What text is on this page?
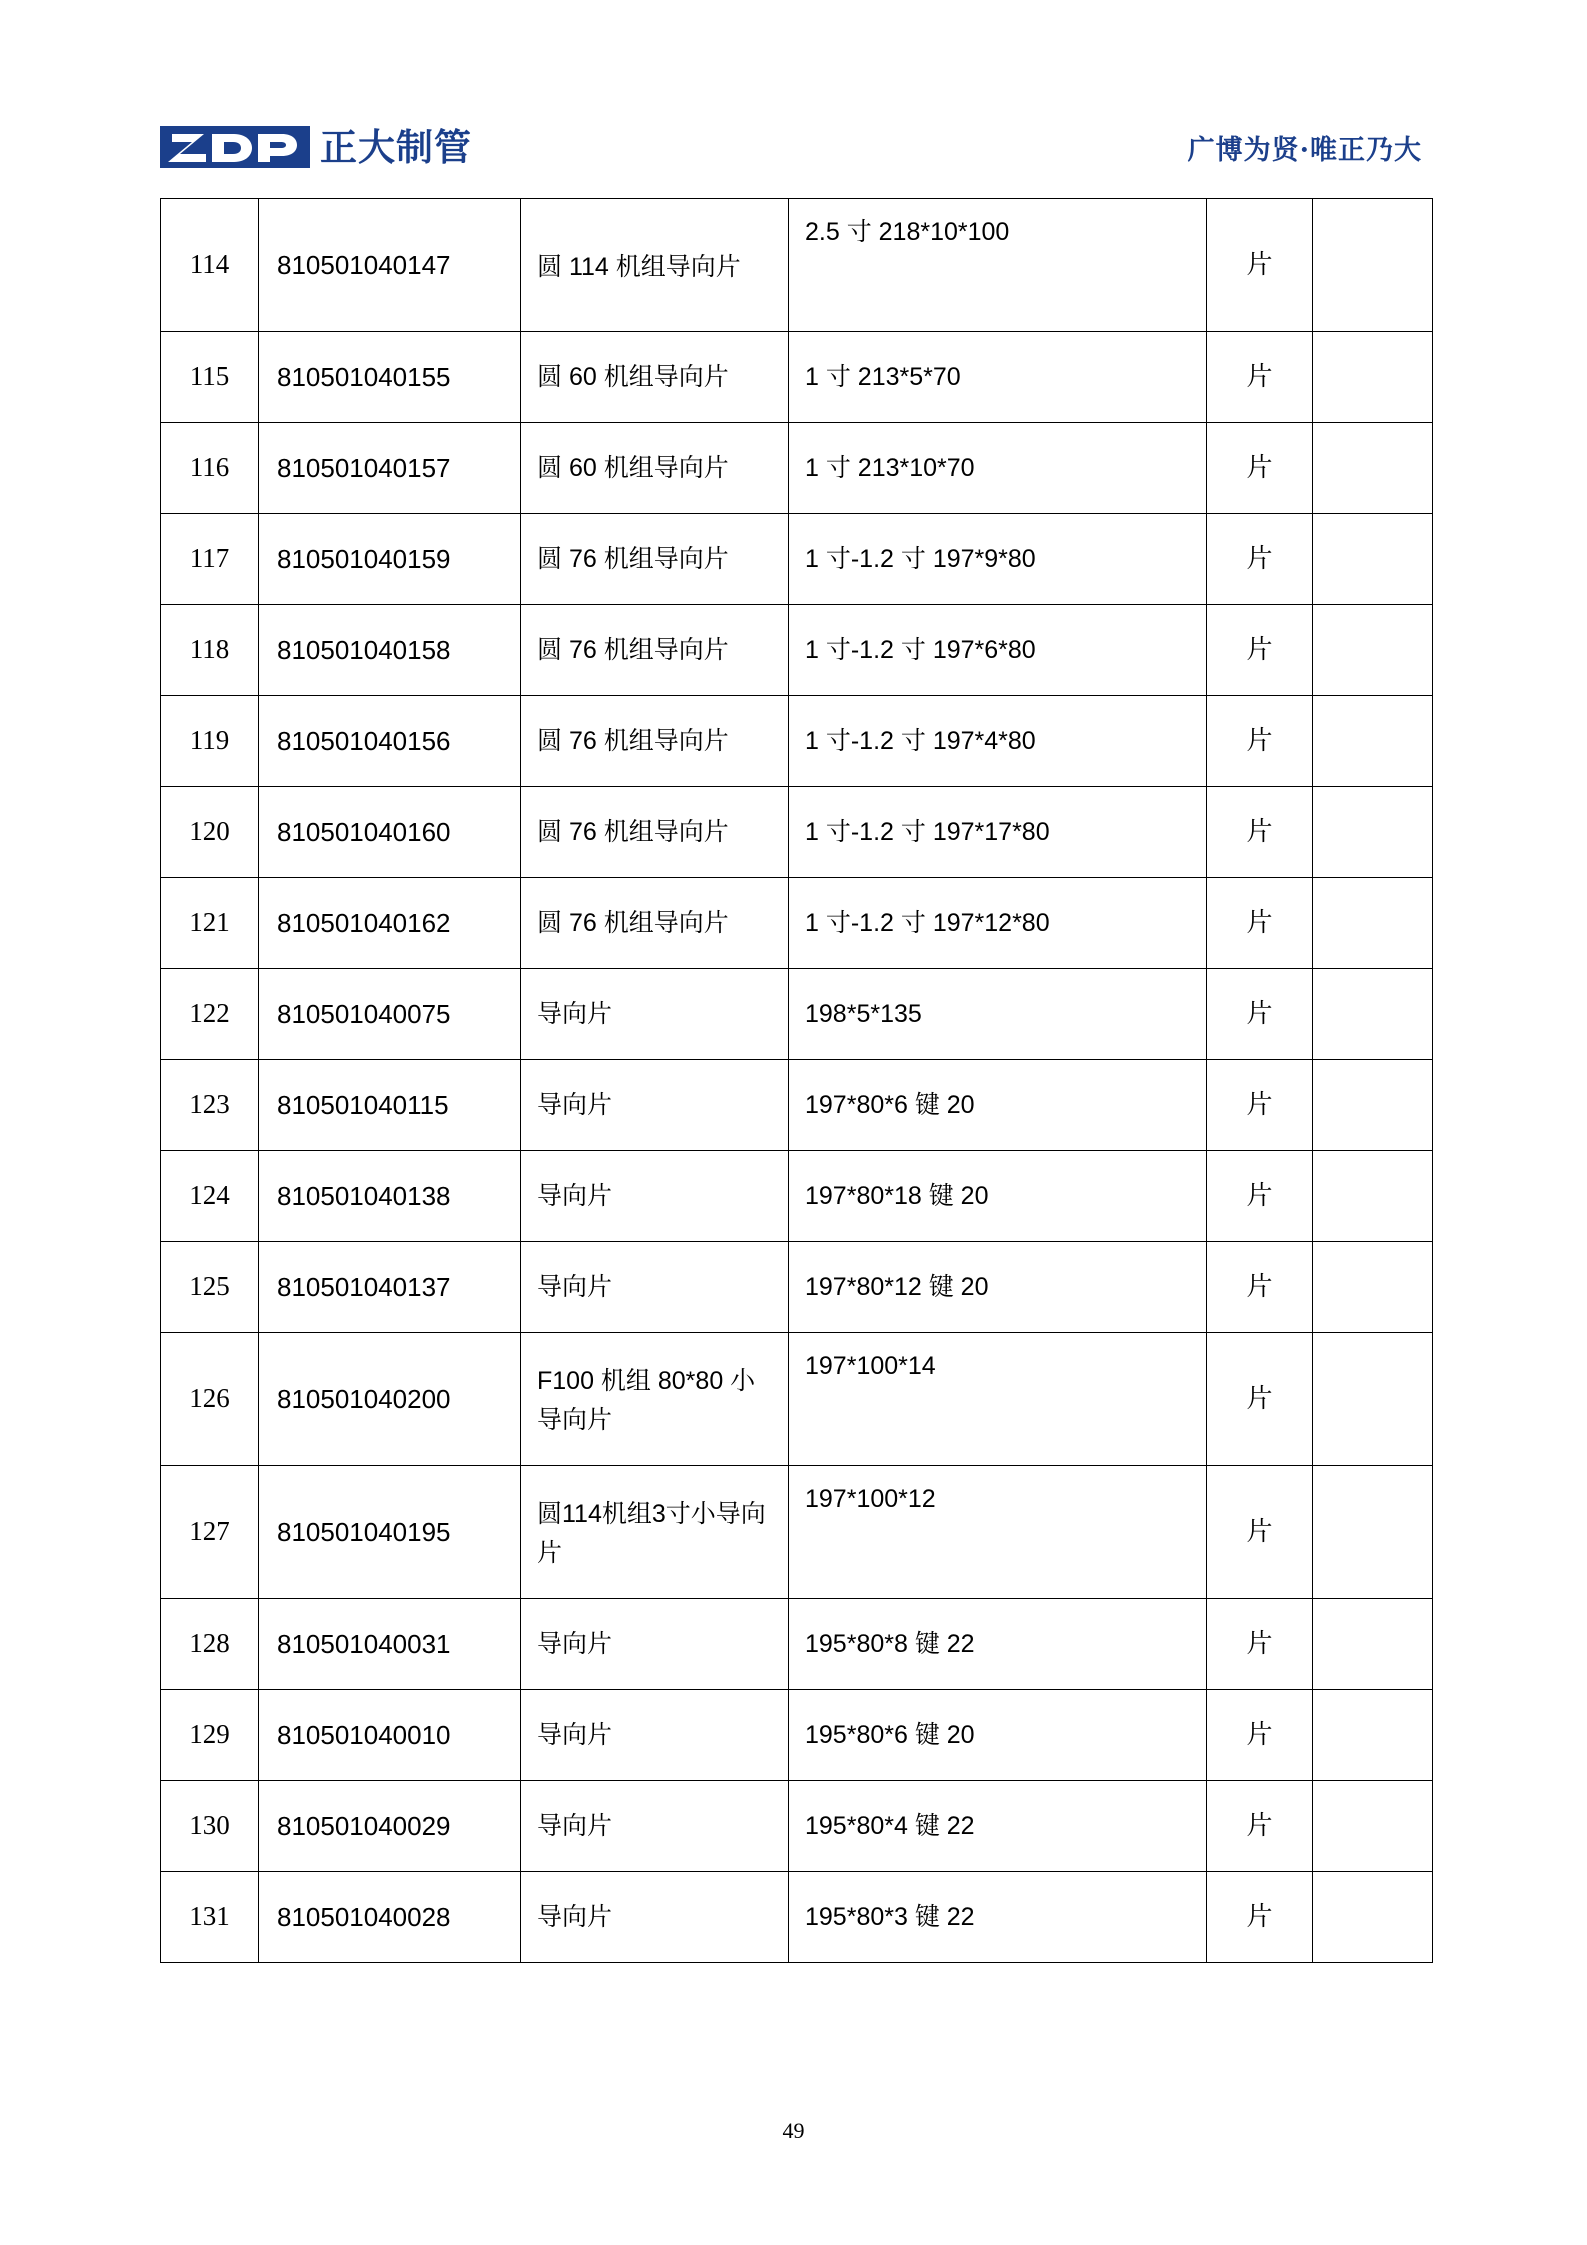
正大制管	广博为贤·唯正乃大
114	810501040147	圆 114 机组导向片	2.5 寸 218*10*100	片	

115	810501040155	圆 60 机组导向片	1 寸 213*5*70	片	

116	810501040157	圆 60 机组导向片	1 寸 213*10*70	片	

117	810501040159	圆 76 机组导向片	1 寸-1.2 寸 197*9*80	片	

118	810501040158	圆 76 机组导向片	1 寸-1.2 寸 197*6*80	片	

119	810501040156	圆 76 机组导向片	1 寸-1.2 寸 197*4*80	片	

120	810501040160	圆 76 机组导向片	1 寸-1.2 寸 197*17*80	片	

121	810501040162	圆 76 机组导向片	1 寸-1.2 寸 197*12*80	片	

122	810501040075	导向片	198*5*135	片	

123	810501040115	导向片	197*80*6 键 20	片	

124	810501040138	导向片	197*80*18 键 20	片	

125	810501040137	导向片	197*80*12 键 20	片	

126	810501040200	F100 机组 80*80 小导向片	197*100*14	片	

127	810501040195	圆114机组3寸小导向片	197*100*12	片	

128	810501040031	导向片	195*80*8 键 22	片	

129	810501040010	导向片	195*80*6 键 20	片	

130	810501040029	导向片	195*80*4 键 22	片	

131	810501040028	导向片	195*80*3 键 22	片	

49
